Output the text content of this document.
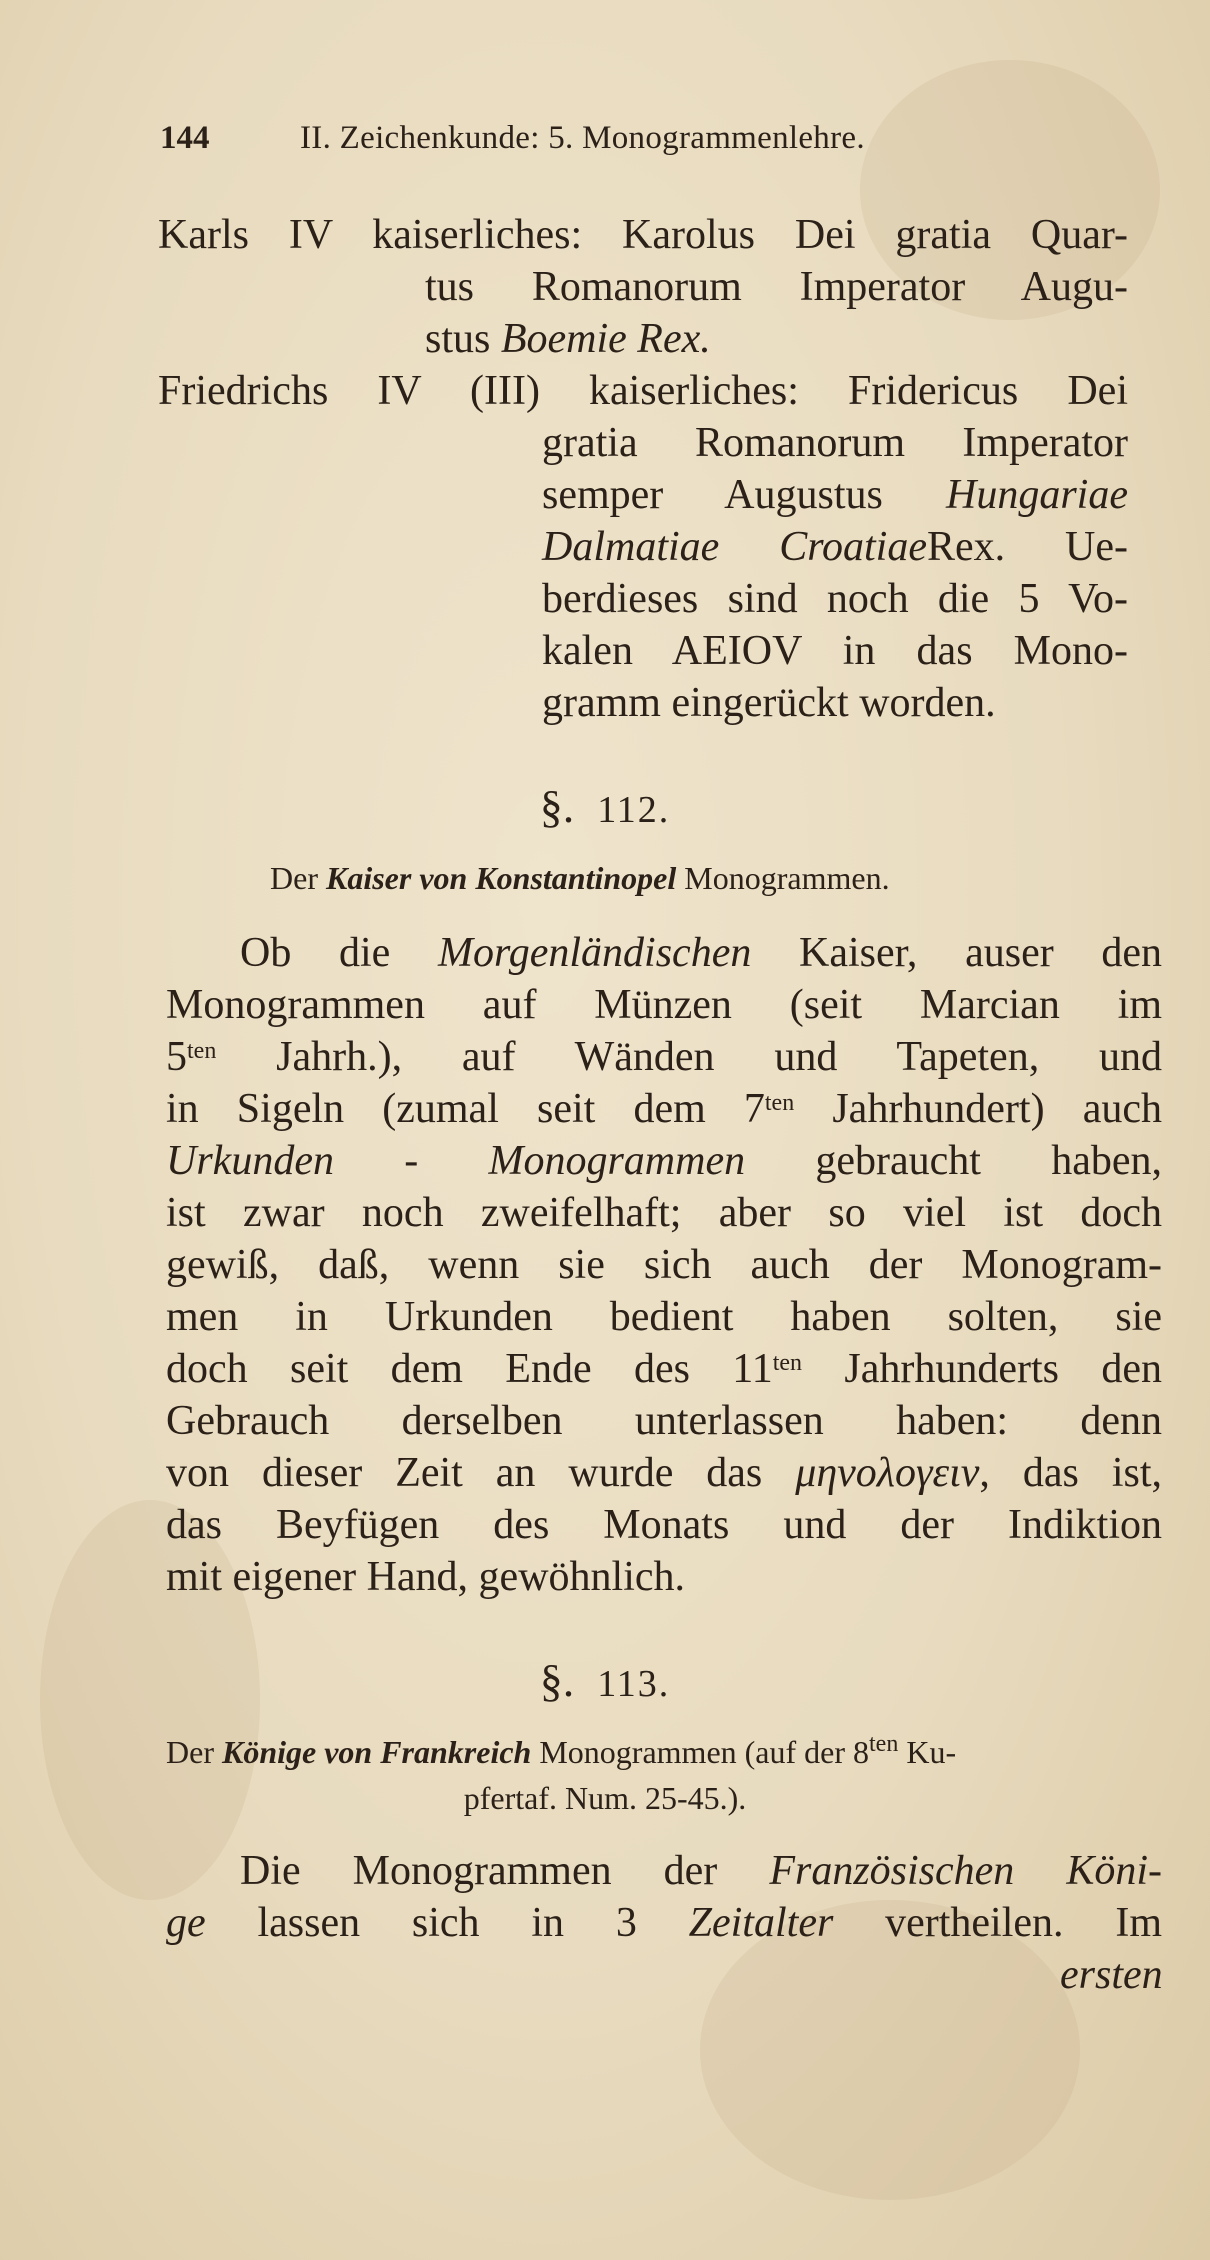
144	II. Zeichenkunde: 5. Monogrammenlehre.
Karls IV kaiserliches: Karolus Dei gratia Quar-
tus Romanorum Imperator Augu-
stus Boemie Rex.
Friedrichs IV (III) kaiserliches: Fridericus Dei
gratia Romanorum Imperator
semper Augustus Hungariae
Dalmatiae CroatiaeRex. Ue-
berdieses sind noch die 5 Vo-
kalen AEIOV in das Mono-
gramm eingerückt worden.
§. 112.
Der Kaiser von Konstantinopel Monogrammen.
Ob die Morgenländischen Kaiser, auser den
Monogrammen auf Münzen (seit Marcian im
$5^{ten}$ Jahrh.), auf Wänden und Tapeten, und
in Sigeln (zumal seit dem $7^{ten}$ Jahrhundert) auch
Urkunden - Monogrammen gebraucht haben,
ist zwar noch zweifelhaft; aber so viel ist doch
gewiß, daß, wenn sie sich auch der Monogram-
men in Urkunden bedient haben solten, sie
doch seit dem Ende des $11^{ten}$ Jahrhunderts den
Gebrauch derselben unterlassen haben: denn
von dieser Zeit an wurde das μηνολογειν, das ist,
das Beyfügen des Monats und der Indiktion
mit eigener Hand, gewöhnlich.
§. 113.
Der Könige von Frankreich Monogrammen (auf der $8^{ten}$ Ku-
pfertaf. Num. 25-45.).
Die Monogrammen der Französischen Köni-
ge lassen sich in 3 Zeitalter vertheilen. Im
ersten
